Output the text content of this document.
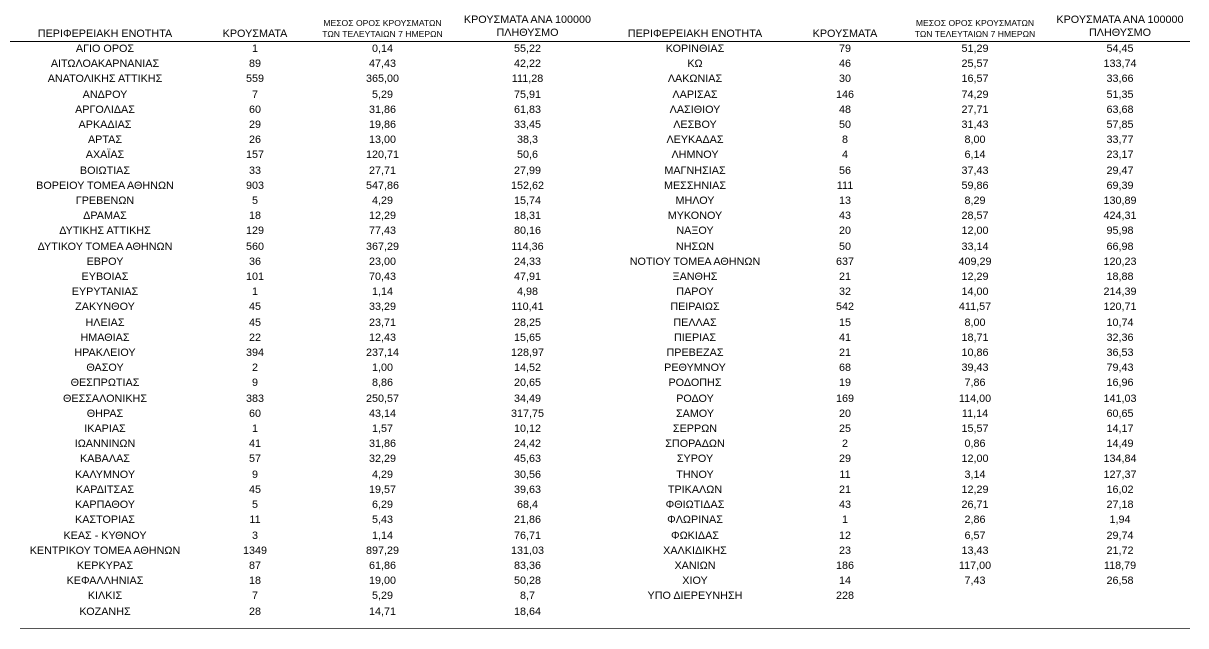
ΠΕΡΙΦΕΡΕΙΑΚΗ ΕΝΟΤΗΤΑ	ΚΡΟΥΣΜΑΤΑ	ΜΕΣΟΣ ΟΡΟΣ ΚΡΟΥΣΜΑΤΩΝ
ΤΩΝ ΤΕΛΕΥΤΑΙΩΝ 7 ΗΜΕΡΩΝ	ΚΡΟΥΣΜΑΤΑ ΑΝΑ 100000
ΠΛΗΘΥΣΜΟ
ΑΓΙΟ ΟΡΟΣ	1	0,14	55,22
ΑΙΤΩΛΟΑΚΑΡΝΑΝΙΑΣ	89	47,43	42,22
ΑΝΑΤΟΛΙΚΗΣ ΑΤΤΙΚΗΣ	559	365,00	111,28
ΑΝΔΡΟΥ	7	5,29	75,91
ΑΡΓΟΛΙΔΑΣ	60	31,86	61,83
ΑΡΚΑΔΙΑΣ	29	19,86	33,45
ΑΡΤΑΣ	26	13,00	38,3
ΑΧΑΪΑΣ	157	120,71	50,6
ΒΟΙΩΤΙΑΣ	33	27,71	27,99
ΒΟΡΕΙΟΥ ΤΟΜΕΑ ΑΘΗΝΩΝ	903	547,86	152,62
ΓΡΕΒΕΝΩΝ	5	4,29	15,74
ΔΡΑΜΑΣ	18	12,29	18,31
ΔΥΤΙΚΗΣ ΑΤΤΙΚΗΣ	129	77,43	80,16
ΔΥΤΙΚΟΥ ΤΟΜΕΑ ΑΘΗΝΩΝ	560	367,29	114,36
ΕΒΡΟΥ	36	23,00	24,33
ΕΥΒΟΙΑΣ	101	70,43	47,91
ΕΥΡΥΤΑΝΙΑΣ	1	1,14	4,98
ΖΑΚΥΝΘΟΥ	45	33,29	110,41
ΗΛΕΙΑΣ	45	23,71	28,25
ΗΜΑΘΙΑΣ	22	12,43	15,65
ΗΡΑΚΛΕΙΟΥ	394	237,14	128,97
ΘΑΣΟΥ	2	1,00	14,52
ΘΕΣΠΡΩΤΙΑΣ	9	8,86	20,65
ΘΕΣΣΑΛΟΝΙΚΗΣ	383	250,57	34,49
ΘΗΡΑΣ	60	43,14	317,75
ΙΚΑΡΙΑΣ	1	1,57	10,12
ΙΩΑΝΝΙΝΩΝ	41	31,86	24,42
ΚΑΒΑΛΑΣ	57	32,29	45,63
ΚΑΛΥΜΝΟΥ	9	4,29	30,56
ΚΑΡΔΙΤΣΑΣ	45	19,57	39,63
ΚΑΡΠΑΘΟΥ	5	6,29	68,4
ΚΑΣΤΟΡΙΑΣ	11	5,43	21,86
ΚΕΑΣ - ΚΥΘΝΟΥ	3	1,14	76,71
ΚΕΝΤΡΙΚΟΥ ΤΟΜΕΑ ΑΘΗΝΩΝ	1349	897,29	131,03
ΚΕΡΚΥΡΑΣ	87	61,86	83,36
ΚΕΦΑΛΛΗΝΙΑΣ	18	19,00	50,28
ΚΙΛΚΙΣ	7	5,29	8,7
ΚΟΖΑΝΗΣ	28	14,71	18,64
ΠΕΡΙΦΕΡΕΙΑΚΗ ΕΝΟΤΗΤΑ	ΚΡΟΥΣΜΑΤΑ	ΜΕΣΟΣ ΟΡΟΣ ΚΡΟΥΣΜΑΤΩΝ
ΤΩΝ ΤΕΛΕΥΤΑΙΩΝ 7 ΗΜΕΡΩΝ	ΚΡΟΥΣΜΑΤΑ ΑΝΑ 100000
ΠΛΗΘΥΣΜΟ
ΚΟΡΙΝΘΙΑΣ	79	51,29	54,45
ΚΩ	46	25,57	133,74
ΛΑΚΩΝΙΑΣ	30	16,57	33,66
ΛΑΡΙΣΑΣ	146	74,29	51,35
ΛΑΣΙΘΙΟΥ	48	27,71	63,68
ΛΕΣΒΟΥ	50	31,43	57,85
ΛΕΥΚΑΔΑΣ	8	8,00	33,77
ΛΗΜΝΟΥ	4	6,14	23,17
ΜΑΓΝΗΣΙΑΣ	56	37,43	29,47
ΜΕΣΣΗΝΙΑΣ	111	59,86	69,39
ΜΗΛΟΥ	13	8,29	130,89
ΜΥΚΟΝΟΥ	43	28,57	424,31
ΝΑΞΟΥ	20	12,00	95,98
ΝΗΣΩΝ	50	33,14	66,98
ΝΟΤΙΟΥ ΤΟΜΕΑ ΑΘΗΝΩΝ	637	409,29	120,23
ΞΑΝΘΗΣ	21	12,29	18,88
ΠΑΡΟΥ	32	14,00	214,39
ΠΕΙΡΑΙΩΣ	542	411,57	120,71
ΠΕΛΛΑΣ	15	8,00	10,74
ΠΙΕΡΙΑΣ	41	18,71	32,36
ΠΡΕΒΕΖΑΣ	21	10,86	36,53
ΡΕΘΥΜΝΟΥ	68	39,43	79,43
ΡΟΔΟΠΗΣ	19	7,86	16,96
ΡΟΔΟΥ	169	114,00	141,03
ΣΑΜΟΥ	20	11,14	60,65
ΣΕΡΡΩΝ	25	15,57	14,17
ΣΠΟΡΑΔΩΝ	2	0,86	14,49
ΣΥΡΟΥ	29	12,00	134,84
ΤΗΝΟΥ	11	3,14	127,37
ΤΡΙΚΑΛΩΝ	21	12,29	16,02
ΦΘΙΩΤΙΔΑΣ	43	26,71	27,18
ΦΛΩΡΙΝΑΣ	1	2,86	1,94
ΦΩΚΙΔΑΣ	12	6,57	29,74
ΧΑΛΚΙΔΙΚΗΣ	23	13,43	21,72
ΧΑΝΙΩΝ	186	117,00	118,79
ΧΙΟΥ	14	7,43	26,58
ΥΠΟ ΔΙΕΡΕΥΝΗΣΗ	228		
